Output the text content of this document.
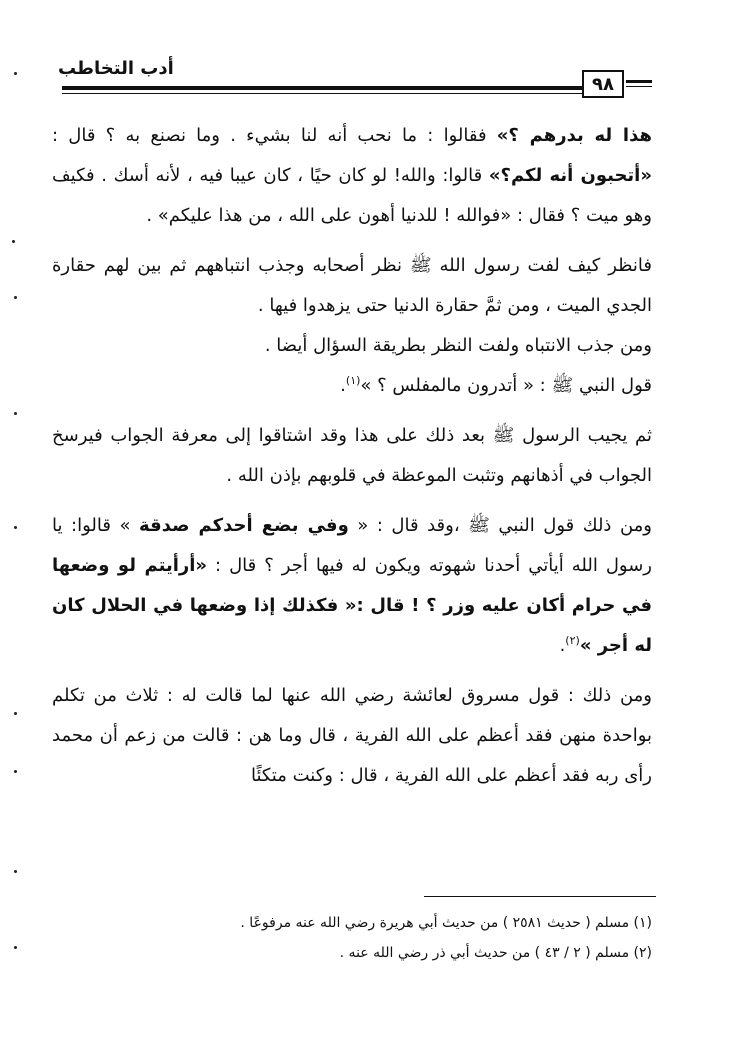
أدب التخاطب
٩٨

هذا له بدرهم ؟» فقالوا : ما نحب أنه لنا بشيء . وما نصنع به ؟ قال : «أتحبون أنه لكم؟» قالوا: والله! لو كان حيًا ، كان عيبا فيه ، لأنه أسك . فكيف وهو ميت ؟ فقال : «فوالله ! للدنيا أهون على الله ، من هذا عليكم» .

فانظر كيف لفت رسول الله ﷺ نظر أصحابه وجذب انتباههم ثم بين لهم حقارة الجدي الميت ، ومن ثمَّ حقارة الدنيا حتى يزهدوا فيها .

ومن جذب الانتباه ولفت النظر بطريقة السؤال أيضا .

قول النبي ﷺ : « أتدرون مالمفلس ؟ »$^{(١)}$.

ثم يجيب الرسول ﷺ بعد ذلك على هذا وقد اشتاقوا إلى معرفة الجواب فيرسخ الجواب في أذهانهم وتثبت الموعظة في قلوبهم بإذن الله .

ومن ذلك قول النبي ﷺ ،وقد قال : « وفي بضع أحدكم صدقة » قالوا: يا رسول الله أيأتي أحدنا شهوته ويكون له فيها أجر ؟ قال : «أرأيتم لو وضعها في حرام أكان عليه وزر ؟ ! قال :« فكذلك إذا وضعها في الحلال كان له أجر »$^{(٢)}$.

ومن ذلك : قول مسروق لعائشة رضي الله عنها لما قالت له : ثلاث من تكلم بواحدة منهن فقد أعظم على الله الفرية ، قال وما هن : قالت من زعم أن محمد رأى ربه فقد أعظم على الله الفرية ، قال : وكنت متكئًا

(١) مسلم ( حديث ٢٥٨١ ) من حديث أبي هريرة رضي الله عنه مرفوعًا .

(٢) مسلم ( ٢ / ٤٣ ) من حديث أبي ذر رضي الله عنه .
